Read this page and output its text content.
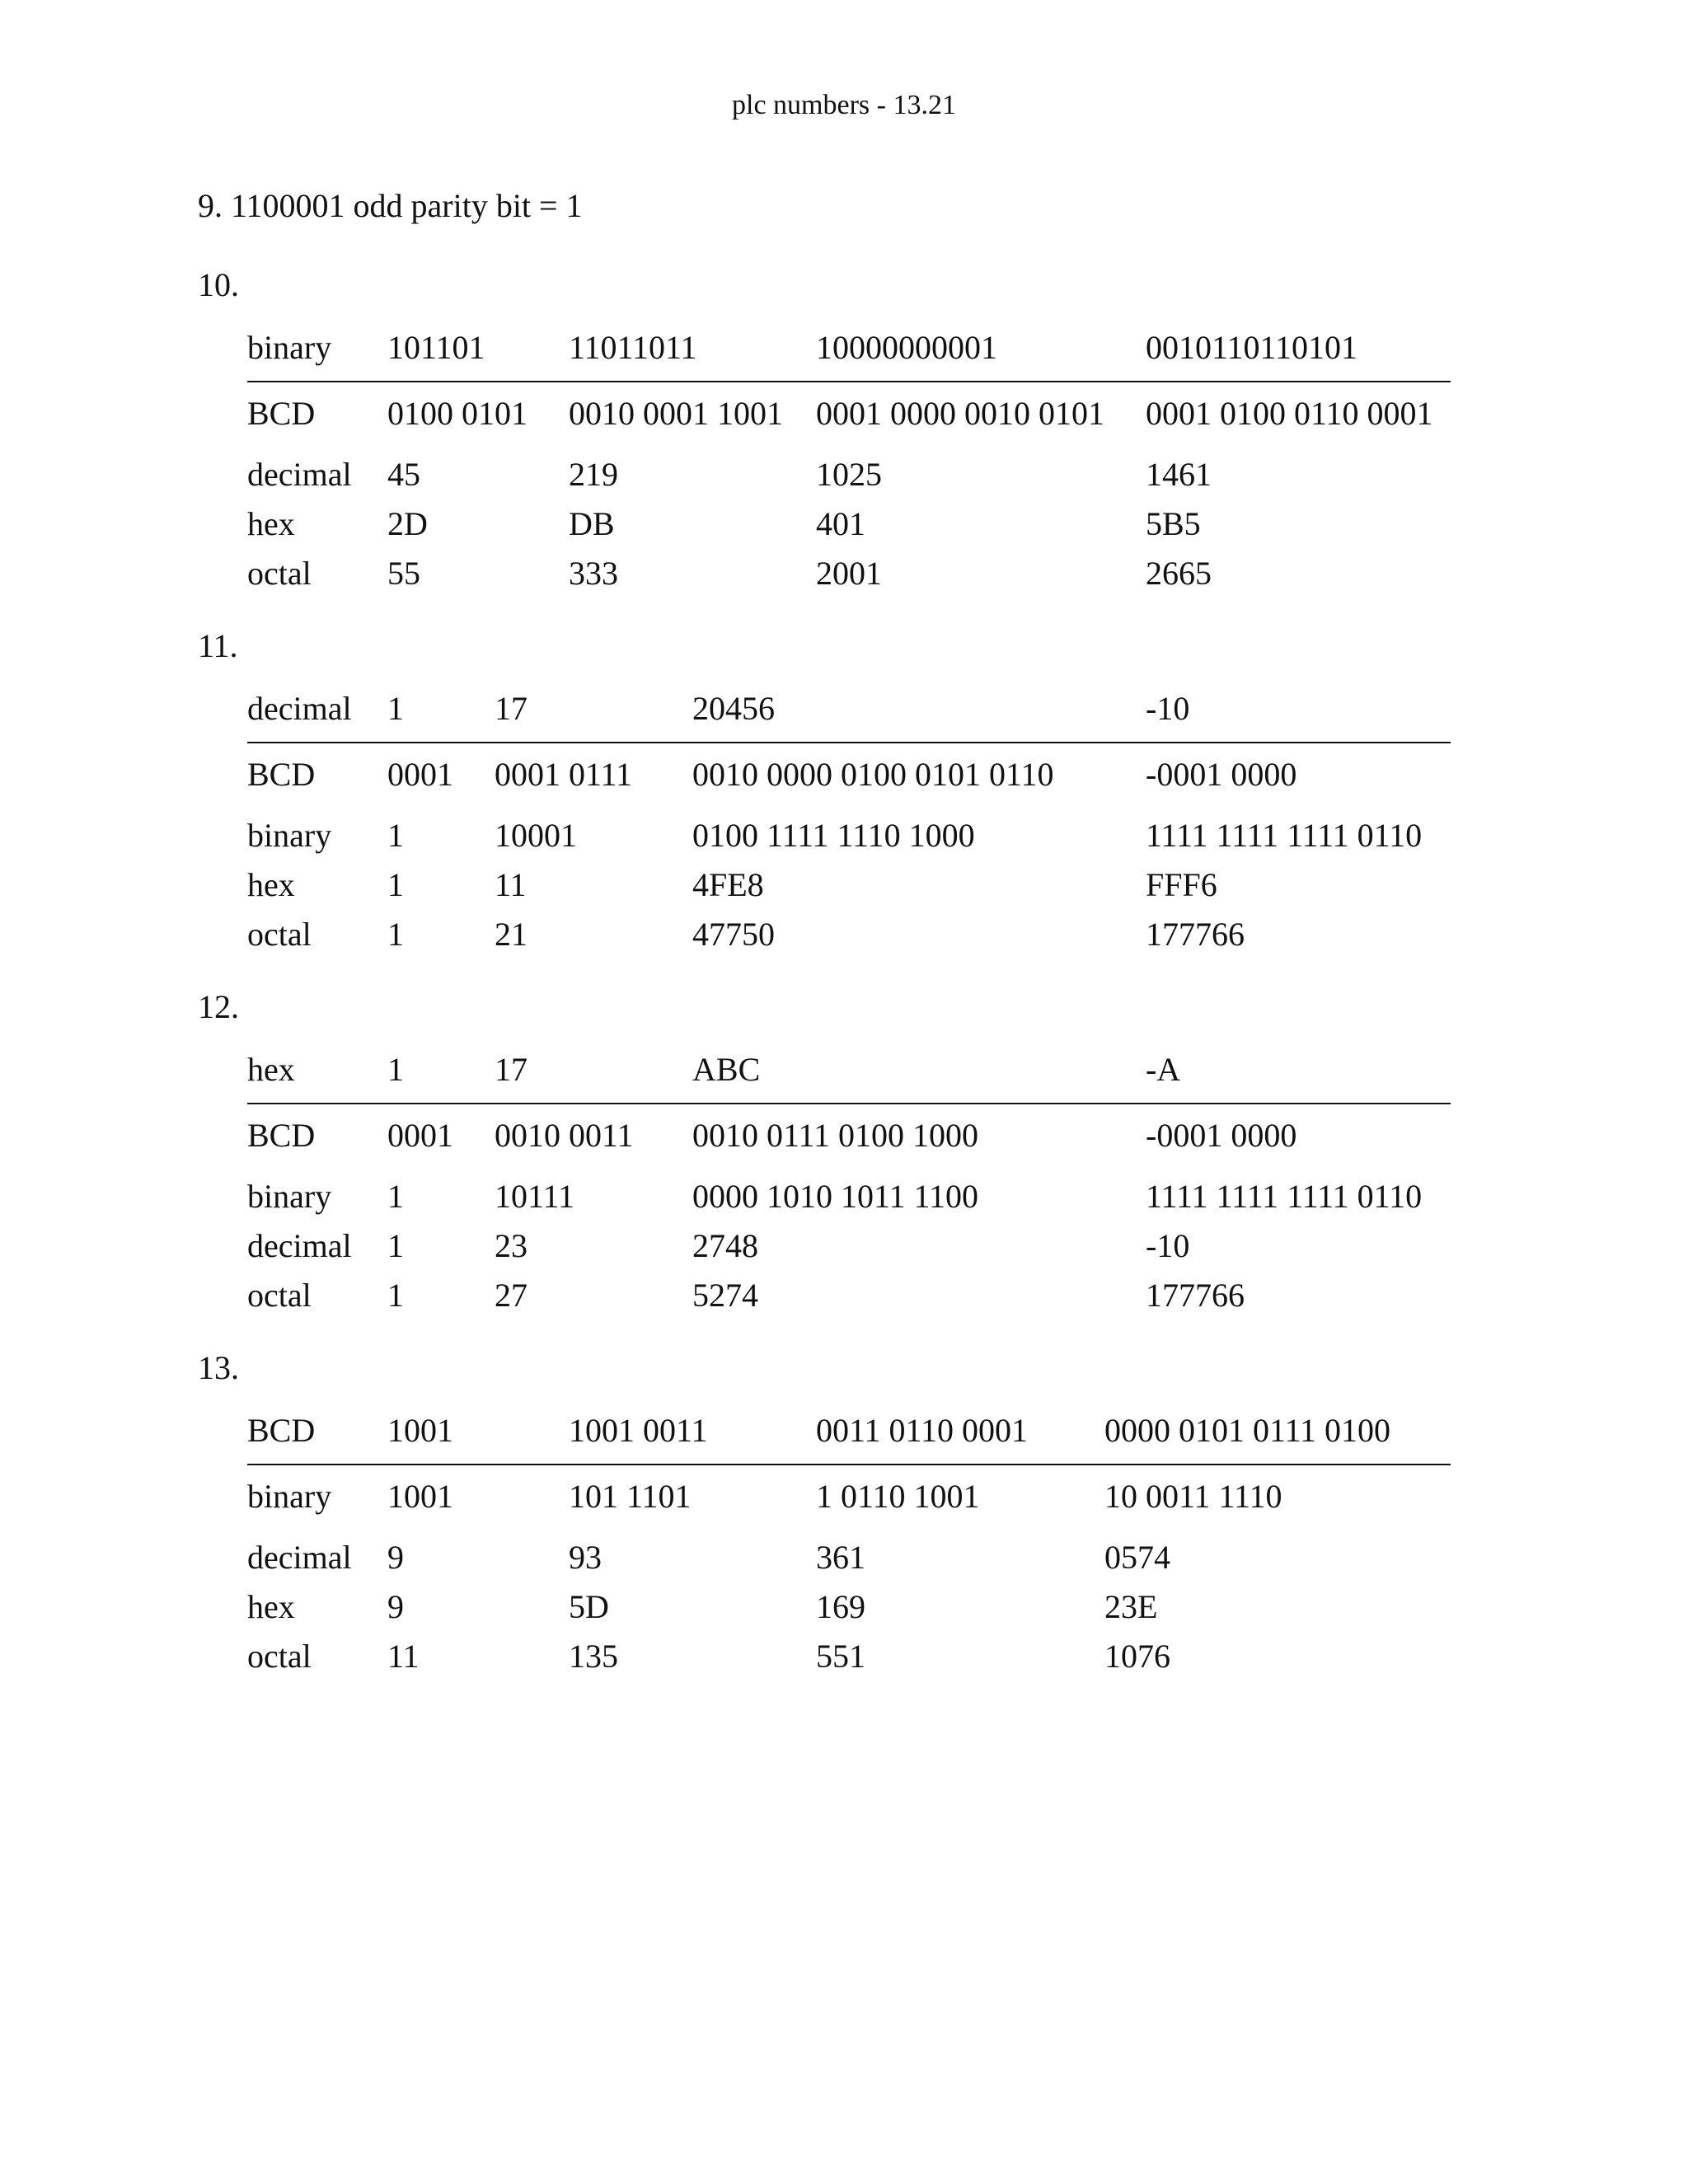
plc numbers - 13.21
9. 1100001 odd parity bit = 1
10.
binary	101101	11011011	10000000001	0010110110101
BCD	0100 0101	0010 0001 1001	0001 0000 0010 0101	0001 0100 0110 0001
decimal	45	219	1025	1461
hex	2D	DB	401	5B5
octal	55	333	2001	2665
11.
decimal	1	17	20456	-10
BCD	0001	0001 0111	0010 0000 0100 0101 0110	-0001 0000
binary	1	10001	0100 1111 1110 1000	1111 1111 1111 0110
hex	1	11	4FE8	FFF6
octal	1	21	47750	177766
12.
hex	1	17	ABC	-A
BCD	0001	0010 0011	0010 0111 0100 1000	-0001 0000
binary	1	10111	0000 1010 1011 1100	1111 1111 1111 0110
decimal	1	23	2748	-10
octal	1	27	5274	177766
13.
BCD	1001	1001 0011	0011 0110 0001	0000 0101 0111 0100
binary	1001	101 1101	1 0110 1001	10 0011 1110
decimal	9	93	361	0574
hex	9	5D	169	23E
octal	11	135	551	1076
